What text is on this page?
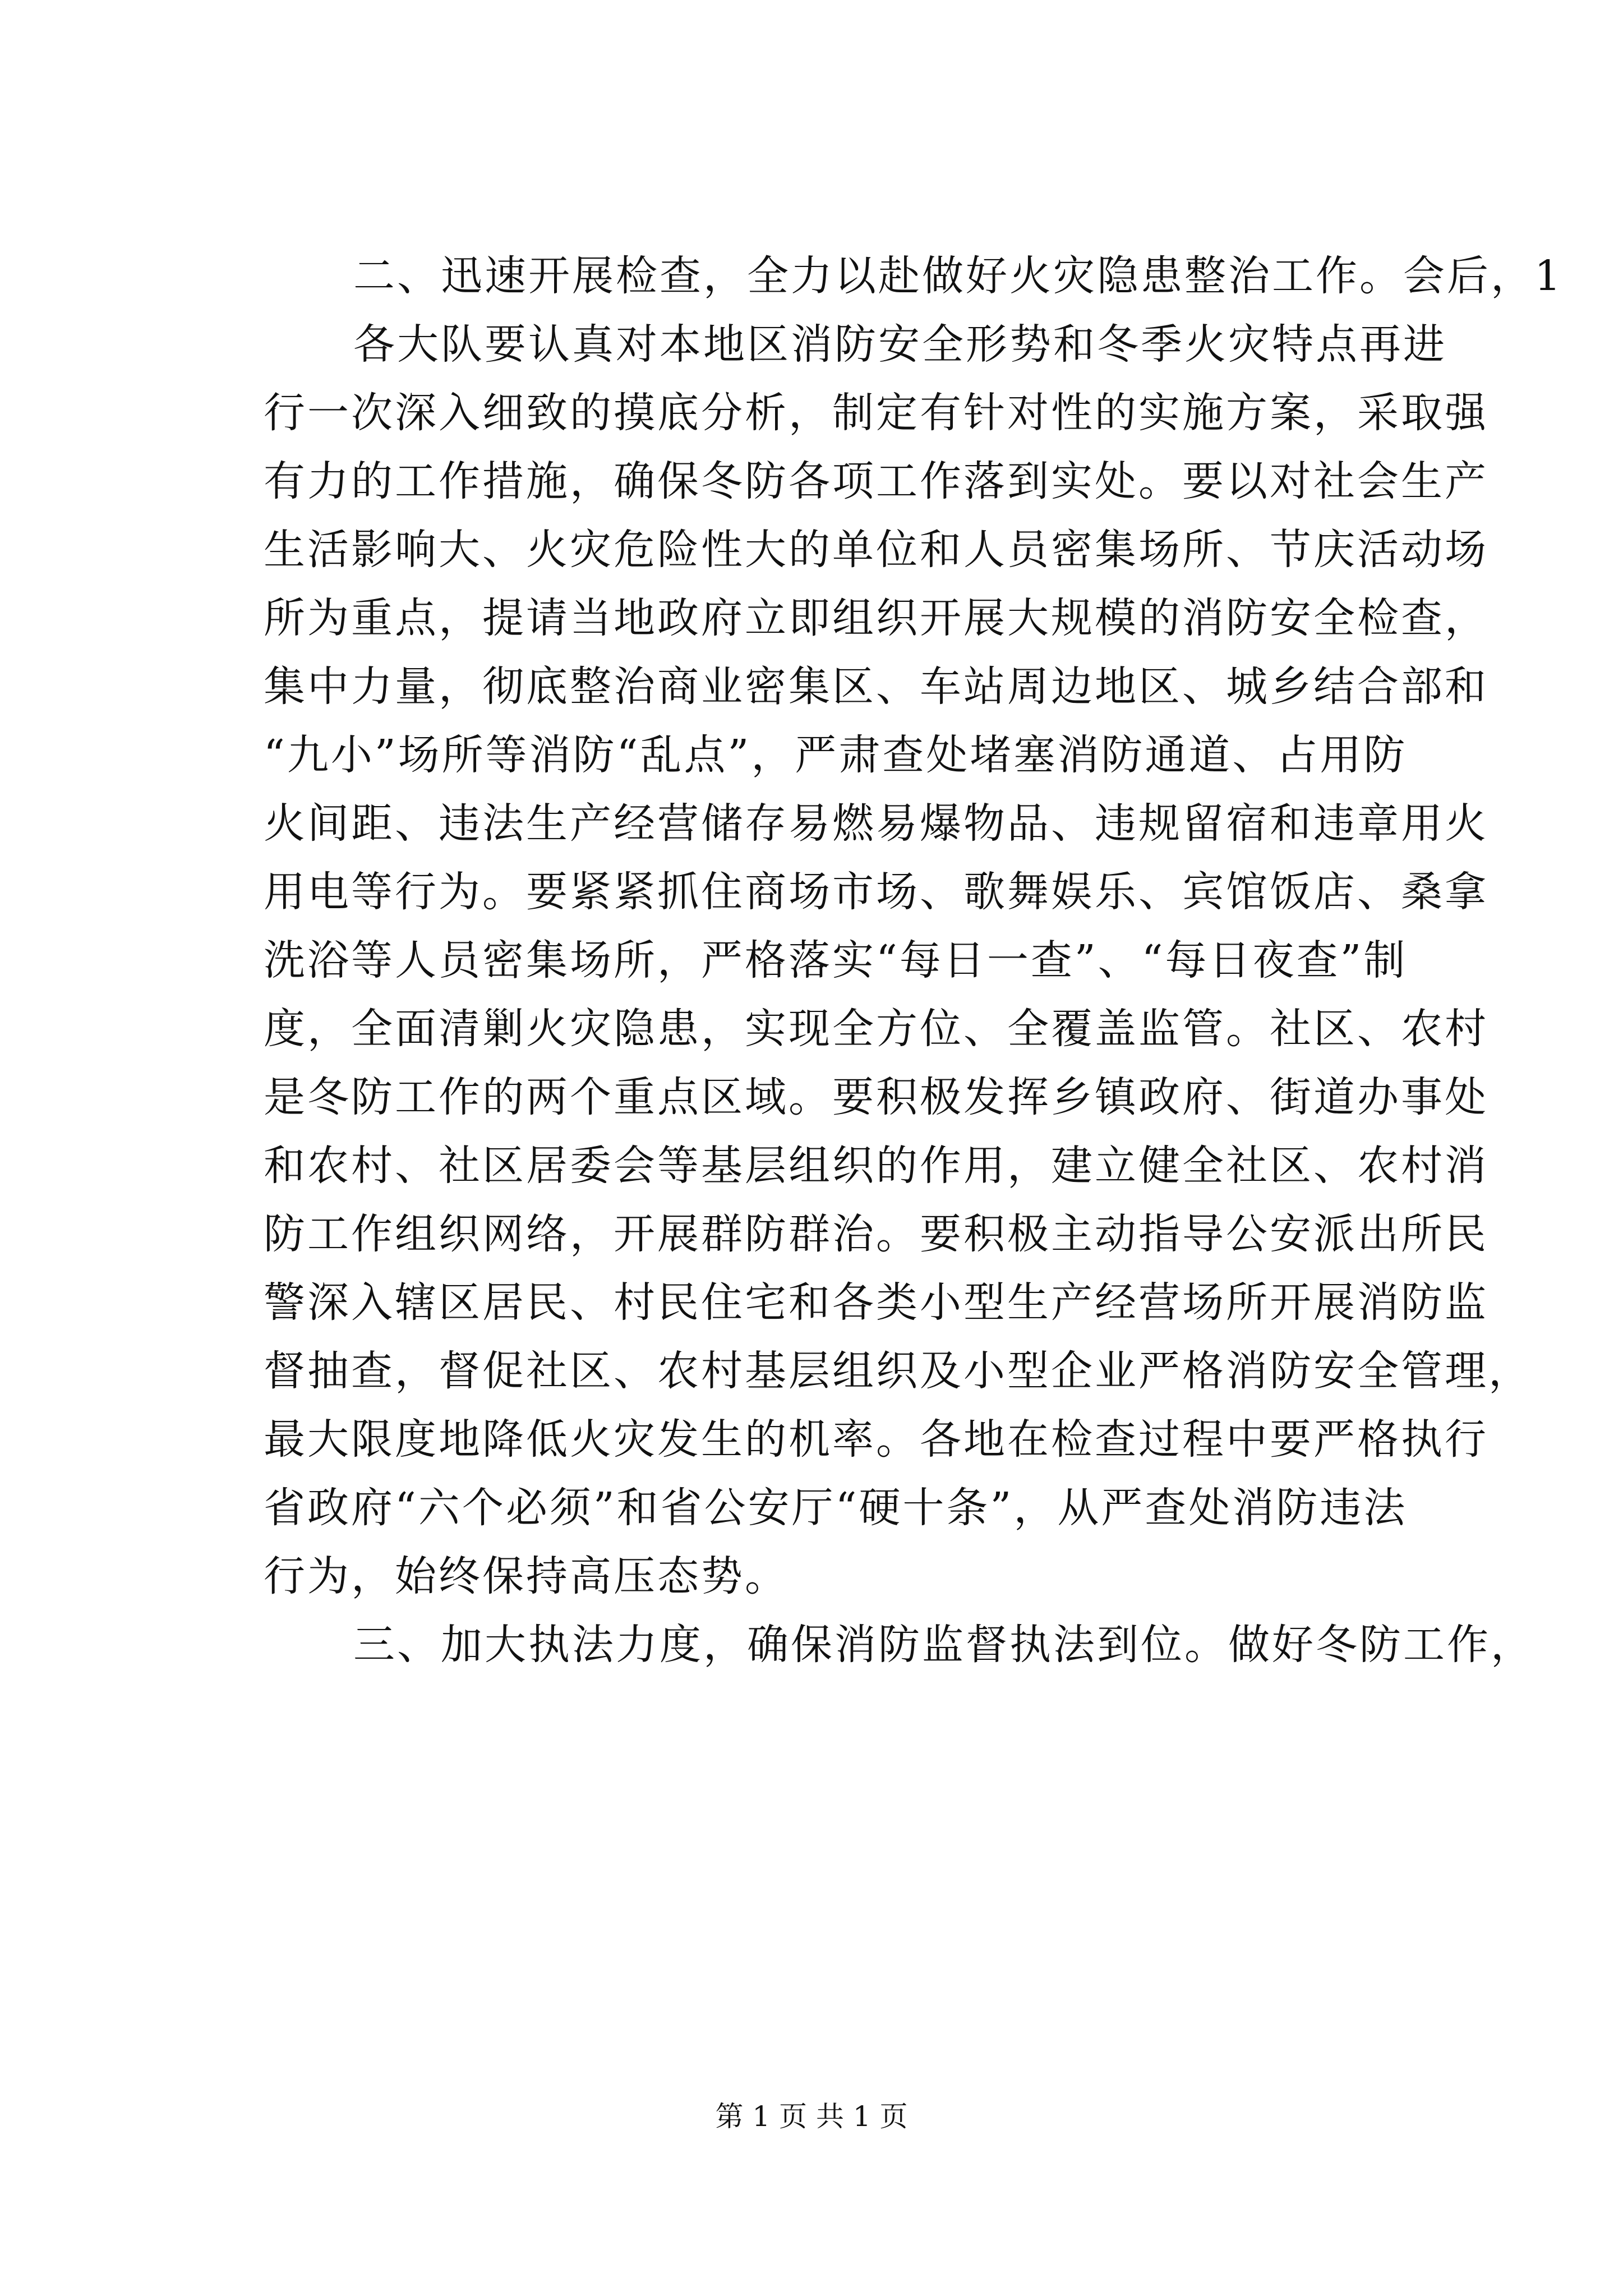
二、迅速开展检查，全力以赴做好火灾隐患整治工作。会后，1
各大队要认真对本地区消防安全形势和冬季火灾特点再进
行一次深入细致的摸底分析，制定有针对性的实施方案，采取强
有力的工作措施，确保冬防各项工作落到实处。要以对社会生产
生活影响大、火灾危险性大的单位和人员密集场所、节庆活动场
所为重点，提请当地政府立即组织开展大规模的消防安全检查，
集中力量，彻底整治商业密集区、车站周边地区、城乡结合部和
“九小”场所等消防“乱点”，严肃查处堵塞消防通道、占用防
火间距、违法生产经营储存易燃易爆物品、违规留宿和违章用火
用电等行为。要紧紧抓住商场市场、歌舞娱乐、宾馆饭店、桑拿
洗浴等人员密集场所，严格落实“每日一查”、“每日夜查”制
度，全面清剿火灾隐患，实现全方位、全覆盖监管。社区、农村
是冬防工作的两个重点区域。要积极发挥乡镇政府、街道办事处
和农村、社区居委会等基层组织的作用，建立健全社区、农村消
防工作组织网络，开展群防群治。要积极主动指导公安派出所民
警深入辖区居民、村民住宅和各类小型生产经营场所开展消防监
督抽查，督促社区、农村基层组织及小型企业严格消防安全管理，
最大限度地降低火灾发生的机率。各地在检查过程中要严格执行
省政府“六个必须”和省公安厅“硬十条”，从严查处消防违法
行为，始终保持高压态势。
三、加大执法力度，确保消防监督执法到位。做好冬防工作，
第 1 页 共 1 页
